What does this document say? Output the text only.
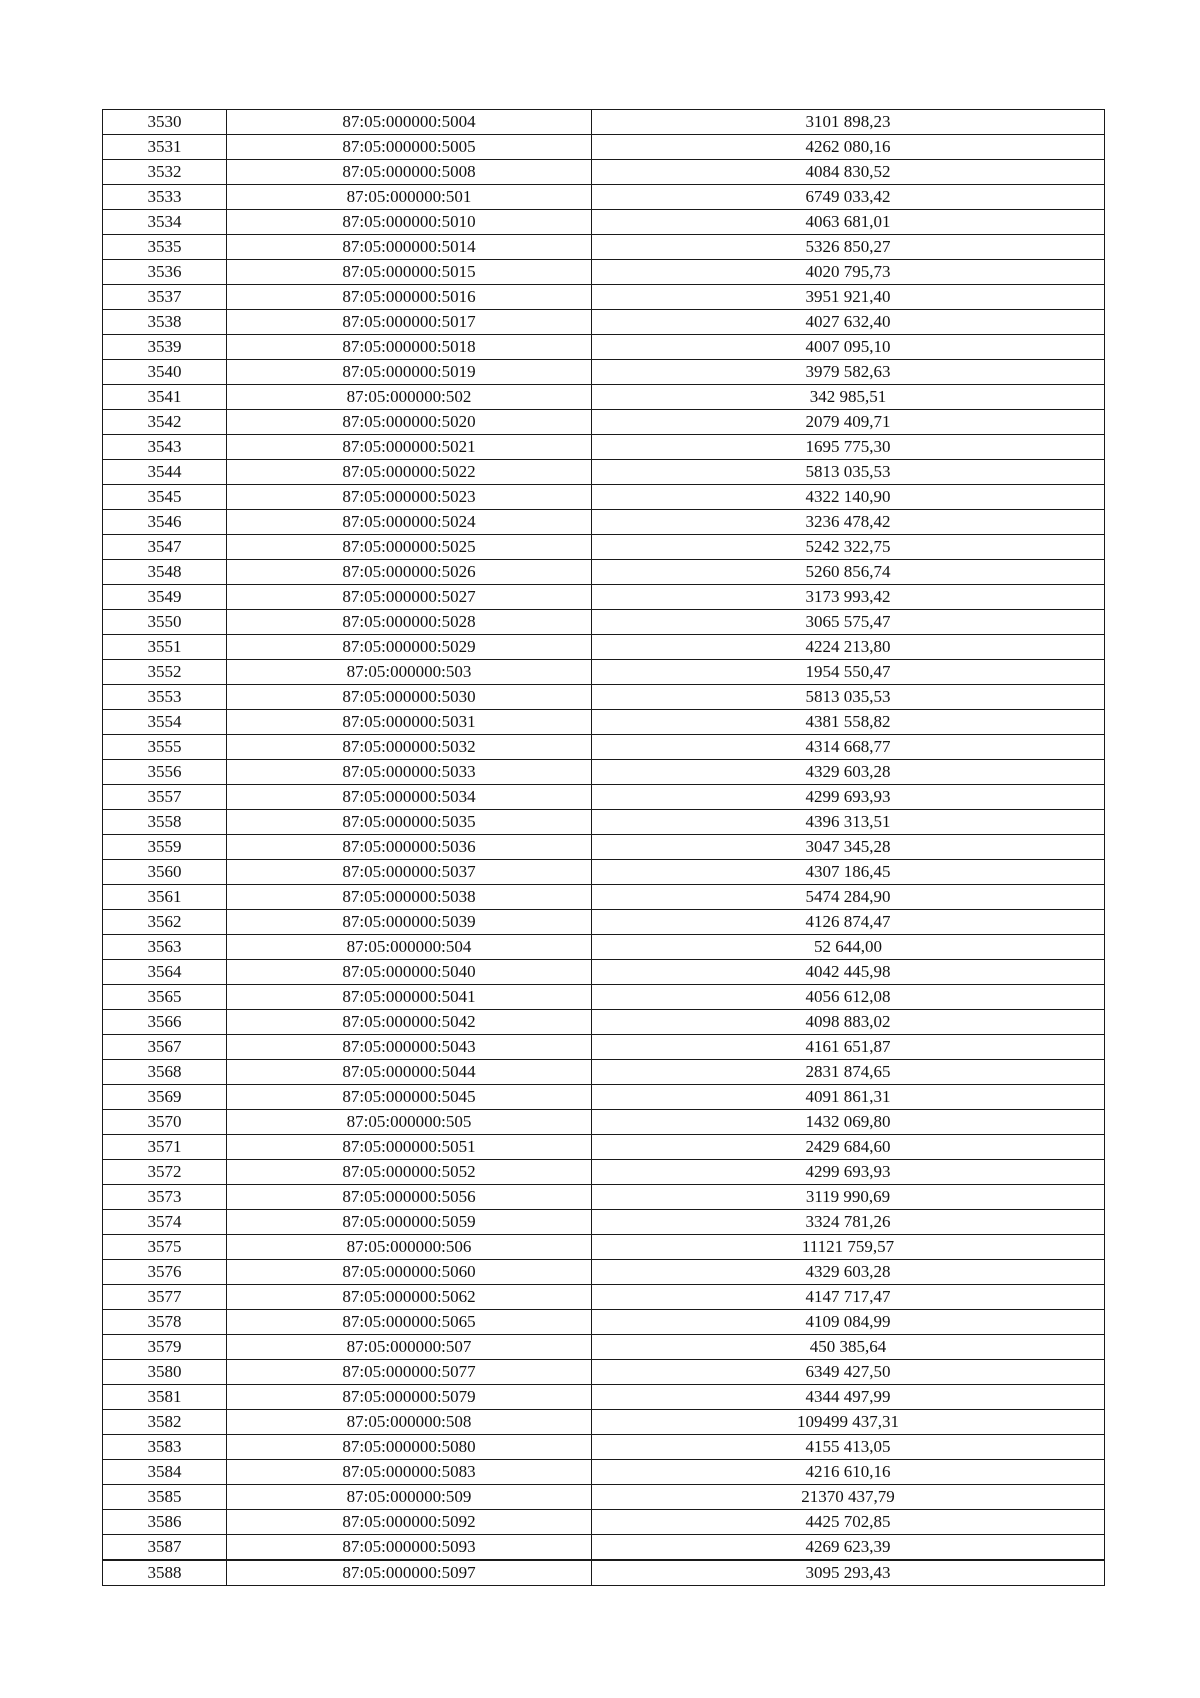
3530	87:05:000000:5004	3101 898,23
3531	87:05:000000:5005	4262 080,16
3532	87:05:000000:5008	4084 830,52
3533	87:05:000000:501	6749 033,42
3534	87:05:000000:5010	4063 681,01
3535	87:05:000000:5014	5326 850,27
3536	87:05:000000:5015	4020 795,73
3537	87:05:000000:5016	3951 921,40
3538	87:05:000000:5017	4027 632,40
3539	87:05:000000:5018	4007 095,10
3540	87:05:000000:5019	3979 582,63
3541	87:05:000000:502	342 985,51
3542	87:05:000000:5020	2079 409,71
3543	87:05:000000:5021	1695 775,30
3544	87:05:000000:5022	5813 035,53
3545	87:05:000000:5023	4322 140,90
3546	87:05:000000:5024	3236 478,42
3547	87:05:000000:5025	5242 322,75
3548	87:05:000000:5026	5260 856,74
3549	87:05:000000:5027	3173 993,42
3550	87:05:000000:5028	3065 575,47
3551	87:05:000000:5029	4224 213,80
3552	87:05:000000:503	1954 550,47
3553	87:05:000000:5030	5813 035,53
3554	87:05:000000:5031	4381 558,82
3555	87:05:000000:5032	4314 668,77
3556	87:05:000000:5033	4329 603,28
3557	87:05:000000:5034	4299 693,93
3558	87:05:000000:5035	4396 313,51
3559	87:05:000000:5036	3047 345,28
3560	87:05:000000:5037	4307 186,45
3561	87:05:000000:5038	5474 284,90
3562	87:05:000000:5039	4126 874,47
3563	87:05:000000:504	52 644,00
3564	87:05:000000:5040	4042 445,98
3565	87:05:000000:5041	4056 612,08
3566	87:05:000000:5042	4098 883,02
3567	87:05:000000:5043	4161 651,87
3568	87:05:000000:5044	2831 874,65
3569	87:05:000000:5045	4091 861,31
3570	87:05:000000:505	1432 069,80
3571	87:05:000000:5051	2429 684,60
3572	87:05:000000:5052	4299 693,93
3573	87:05:000000:5056	3119 990,69
3574	87:05:000000:5059	3324 781,26
3575	87:05:000000:506	11121 759,57
3576	87:05:000000:5060	4329 603,28
3577	87:05:000000:5062	4147 717,47
3578	87:05:000000:5065	4109 084,99
3579	87:05:000000:507	450 385,64
3580	87:05:000000:5077	6349 427,50
3581	87:05:000000:5079	4344 497,99
3582	87:05:000000:508	109499 437,31
3583	87:05:000000:5080	4155 413,05
3584	87:05:000000:5083	4216 610,16
3585	87:05:000000:509	21370 437,79
3586	87:05:000000:5092	4425 702,85
3587	87:05:000000:5093	4269 623,39
3588	87:05:000000:5097	3095 293,43
